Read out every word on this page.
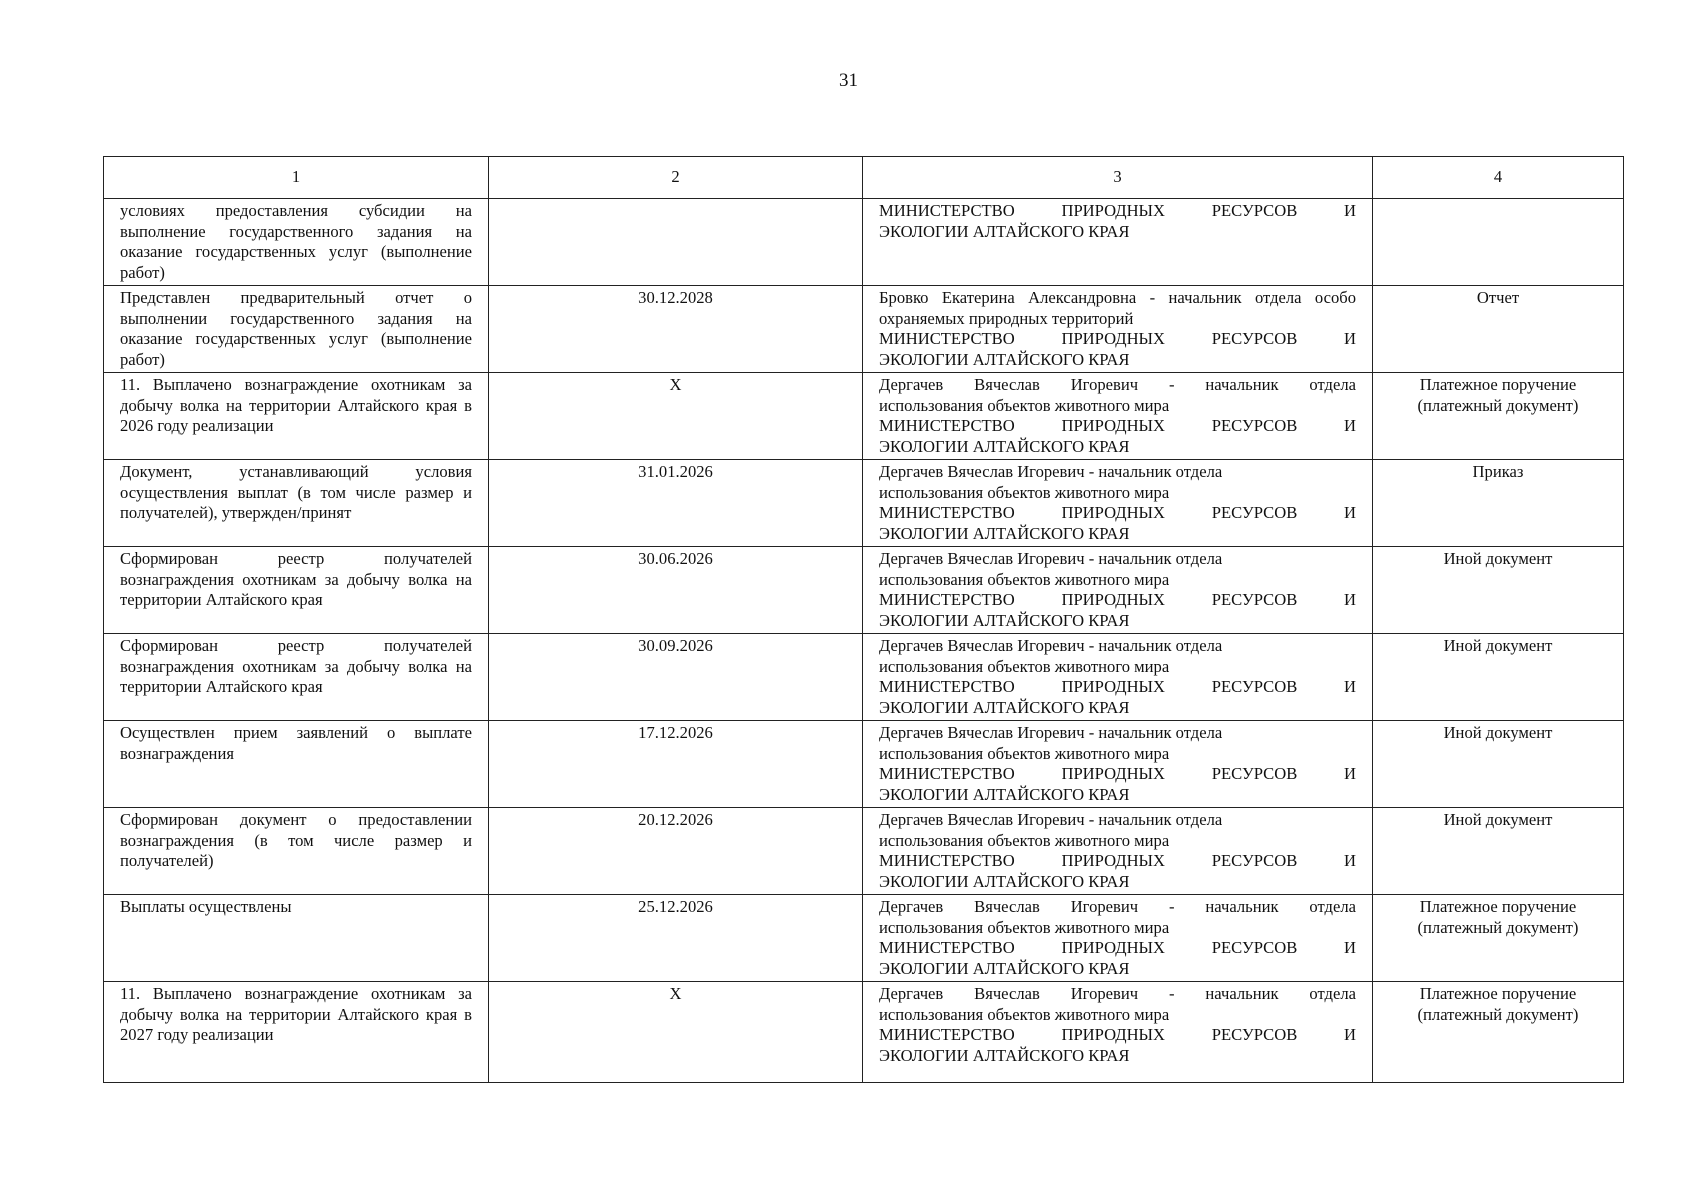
31
1	2	3	4
условиях предоставления субсидии на выполнение государственного задания на оказание государственных услуг (выполнение работ)		МИНИСТЕРСТВО ПРИРОДНЫХ РЕСУРСОВ И
ЭКОЛОГИИ АЛТАЙСКОГО КРАЯ	

Представлен предварительный отчет о выполнении государственного задания на оказание государственных услуг (выполнение работ)	30.12.2028	Бровко Екатерина Александровна - начальник отдела особо
охраняемых природных территорий
МИНИСТЕРСТВО ПРИРОДНЫХ РЕСУРСОВ И
ЭКОЛОГИИ АЛТАЙСКОГО КРАЯ	Отчет

11. Выплачено вознаграждение охотникам за добычу волка на территории Алтайского края в 2026 году реализации	X	Дергачев Вячеслав Игоревич - начальник отдела
использования объектов животного мира
МИНИСТЕРСТВО ПРИРОДНЫХ РЕСУРСОВ И
ЭКОЛОГИИ АЛТАЙСКОГО КРАЯ	Платежное поручение
(платежный документ)

Документ, устанавливающий условия осуществления выплат (в том числе размер и получателей), утвержден/принят	31.01.2026	Дергачев Вячеслав Игоревич - начальник отдела
использования объектов животного мира
МИНИСТЕРСТВО ПРИРОДНЫХ РЕСУРСОВ И
ЭКОЛОГИИ АЛТАЙСКОГО КРАЯ	Приказ

Сформирован реестр получателей вознаграждения охотникам за добычу волка на территории Алтайского края	30.06.2026	Дергачев Вячеслав Игоревич - начальник отдела
использования объектов животного мира
МИНИСТЕРСТВО ПРИРОДНЫХ РЕСУРСОВ И
ЭКОЛОГИИ АЛТАЙСКОГО КРАЯ	Иной документ

Сформирован реестр получателей вознаграждения охотникам за добычу волка на территории Алтайского края	30.09.2026	Дергачев Вячеслав Игоревич - начальник отдела
использования объектов животного мира
МИНИСТЕРСТВО ПРИРОДНЫХ РЕСУРСОВ И
ЭКОЛОГИИ АЛТАЙСКОГО КРАЯ	Иной документ

Осуществлен прием заявлений о выплате вознаграждения	17.12.2026	Дергачев Вячеслав Игоревич - начальник отдела
использования объектов животного мира
МИНИСТЕРСТВО ПРИРОДНЫХ РЕСУРСОВ И
ЭКОЛОГИИ АЛТАЙСКОГО КРАЯ	Иной документ

Сформирован документ о предоставлении вознаграждения (в том числе размер и получателей)	20.12.2026	Дергачев Вячеслав Игоревич - начальник отдела
использования объектов животного мира
МИНИСТЕРСТВО ПРИРОДНЫХ РЕСУРСОВ И
ЭКОЛОГИИ АЛТАЙСКОГО КРАЯ	Иной документ

Выплаты осуществлены	25.12.2026	Дергачев Вячеслав Игоревич - начальник отдела
использования объектов животного мира
МИНИСТЕРСТВО ПРИРОДНЫХ РЕСУРСОВ И
ЭКОЛОГИИ АЛТАЙСКОГО КРАЯ	Платежное поручение
(платежный документ)

11. Выплачено вознаграждение охотникам за добычу волка на территории Алтайского края в 2027 году реализации	X	Дергачев Вячеслав Игоревич - начальник отдела
использования объектов животного мира
МИНИСТЕРСТВО ПРИРОДНЫХ РЕСУРСОВ И
ЭКОЛОГИИ АЛТАЙСКОГО КРАЯ	Платежное поручение
(платежный документ)
